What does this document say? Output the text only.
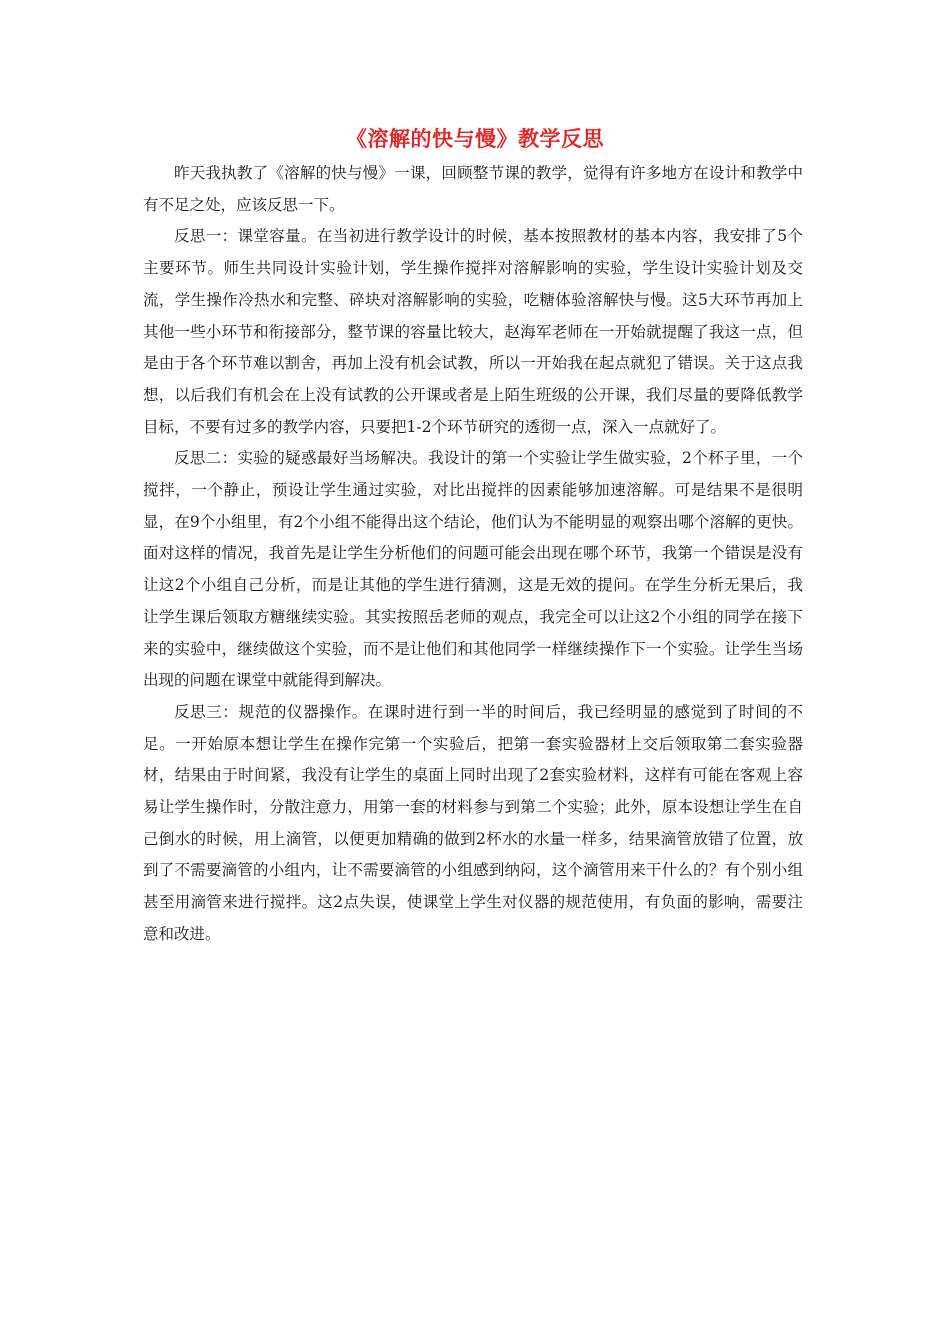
《溶解的快与慢》教学反思

昨天我执教了《溶解的快与慢》一课，回顾整节课的教学，觉得有许多地方在设计和教学中有不足之处，应该反思一下。

反思一：课堂容量。在当初进行教学设计的时候，基本按照教材的基本内容，我安排了5个主要环节。师生共同设计实验计划，学生操作搅拌对溶解影响的实验，学生设计实验计划及交流，学生操作冷热水和完整、碎块对溶解影响的实验，吃糖体验溶解快与慢。这5大环节再加上其他一些小环节和衔接部分，整节课的容量比较大，赵海军老师在一开始就提醒了我这一点，但是由于各个环节难以割舍，再加上没有机会试教，所以一开始我在起点就犯了错误。关于这点我想，以后我们有机会在上没有试教的公开课或者是上陌生班级的公开课，我们尽量的要降低教学目标，不要有过多的教学内容，只要把1-2个环节研究的透彻一点，深入一点就好了。

反思二：实验的疑惑最好当场解决。我设计的第一个实验让学生做实验，2个杯子里，一个搅拌，一个静止，预设让学生通过实验，对比出搅拌的因素能够加速溶解。可是结果不是很明显，在9个小组里，有2个小组不能得出这个结论，他们认为不能明显的观察出哪个溶解的更快。面对这样的情况，我首先是让学生分析他们的问题可能会出现在哪个环节，我第一个错误是没有让这2个小组自己分析，而是让其他的学生进行猜测，这是无效的提问。在学生分析无果后，我让学生课后领取方糖继续实验。其实按照岳老师的观点，我完全可以让这2个小组的同学在接下来的实验中，继续做这个实验，而不是让他们和其他同学一样继续操作下一个实验。让学生当场出现的问题在课堂中就能得到解决。

反思三：规范的仪器操作。在课时进行到一半的时间后，我已经明显的感觉到了时间的不足。一开始原本想让学生在操作完第一个实验后，把第一套实验器材上交后领取第二套实验器材，结果由于时间紧，我没有让学生的桌面上同时出现了2套实验材料，这样有可能在客观上容易让学生操作时，分散注意力，用第一套的材料参与到第二个实验；此外，原本设想让学生在自己倒水的时候，用上滴管，以便更加精确的做到2杯水的水量一样多，结果滴管放错了位置，放到了不需要滴管的小组内，让不需要滴管的小组感到纳闷，这个滴管用来干什么的？有个别小组甚至用滴管来进行搅拌。这2点失误，使课堂上学生对仪器的规范使用，有负面的影响，需要注意和改进。
